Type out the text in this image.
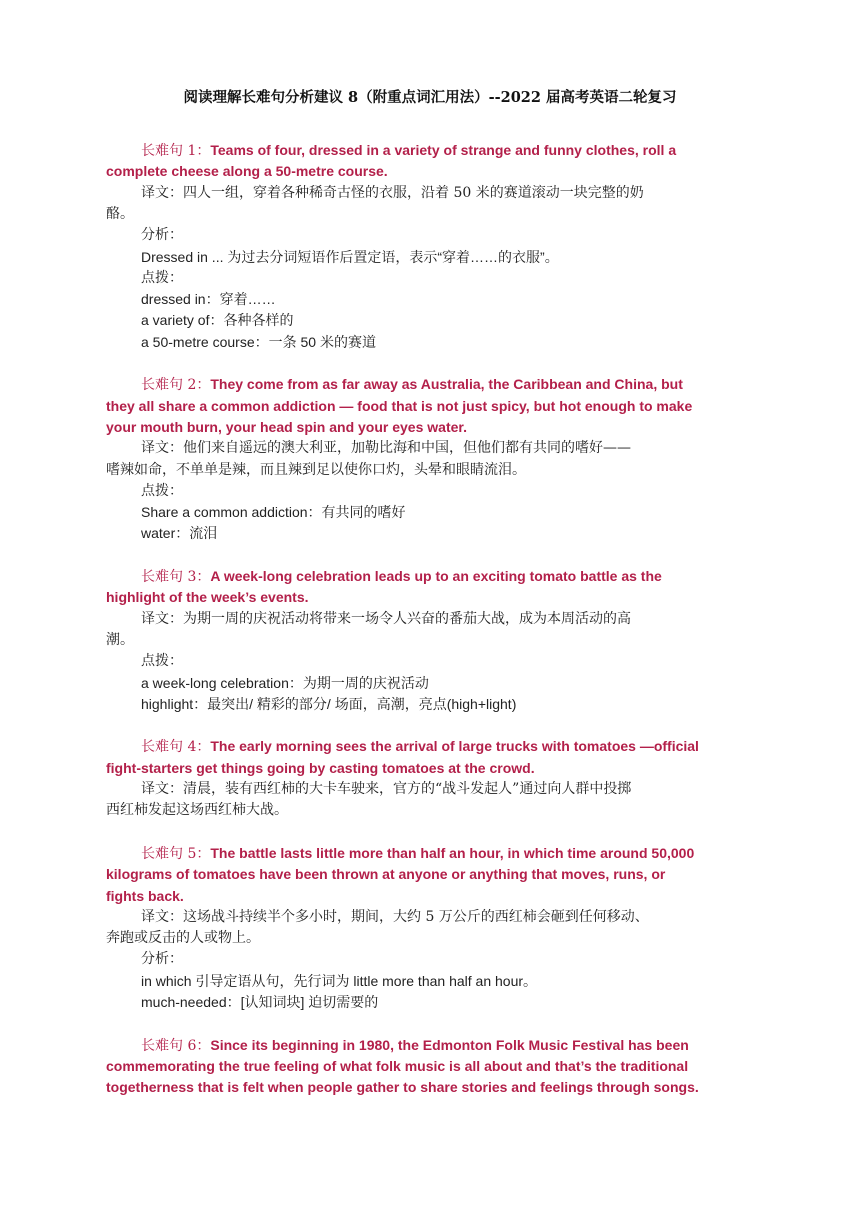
阅读理解长难句分析建议 8（附重点词汇用法）--2022 届高考英语二轮复习
长难句 1：Teams of four, dressed in a variety of strange and funny clothes, roll a
complete cheese along a 50-metre course.
译文：四人一组，穿着各种稀奇古怪的衣服，沿着 50 米的赛道滚动一块完整的奶
酪。
分析：
Dressed in ... 为过去分词短语作后置定语，表示“穿着……的衣服”。
点拨：
dressed in：穿着……
a variety of：各种各样的
a 50-metre course：一条 50 米的赛道
长难句 2：They come from as far away as Australia, the Caribbean and China, but
they all share a common addiction — food that is not just spicy, but hot enough to make
your mouth burn, your head spin and your eyes water.
译文：他们来自遥远的澳大利亚，加勒比海和中国，但他们都有共同的嗜好——
嗜辣如命，不单单是辣，而且辣到足以使你口灼，头晕和眼睛流泪。
点拨：
Share a common addiction：有共同的嗜好
water：流泪
长难句 3：A week-long celebration leads up to an exciting tomato battle as the
highlight of the week’s events.
译文：为期一周的庆祝活动将带来一场令人兴奋的番茄大战，成为本周活动的高
潮。
点拨：
a week-long celebration：为期一周的庆祝活动
highlight：最突出/ 精彩的部分/ 场面，高潮，亮点(high+light)
长难句 4：The early morning sees the arrival of large trucks with tomatoes —official
fight-starters get things going by casting tomatoes at the crowd.
译文：清晨，装有西红柿的大卡车驶来，官方的“战斗发起人”通过向人群中投掷
西红柿发起这场西红柿大战。
长难句 5：The battle lasts little more than half an hour, in which time around 50,000
kilograms of tomatoes have been thrown at anyone or anything that moves, runs, or
fights back.
译文：这场战斗持续半个多小时，期间，大约 5 万公斤的西红柿会砸到任何移动、
奔跑或反击的人或物上。
分析：
in which 引导定语从句，先行词为 little more than half an hour。
much-needed：[认知词块] 迫切需要的
长难句 6：Since its beginning in 1980, the Edmonton Folk Music Festival has been
commemorating the true feeling of what folk music is all about and that’s the traditional
togetherness that is felt when people gather to share stories and feelings through songs.
